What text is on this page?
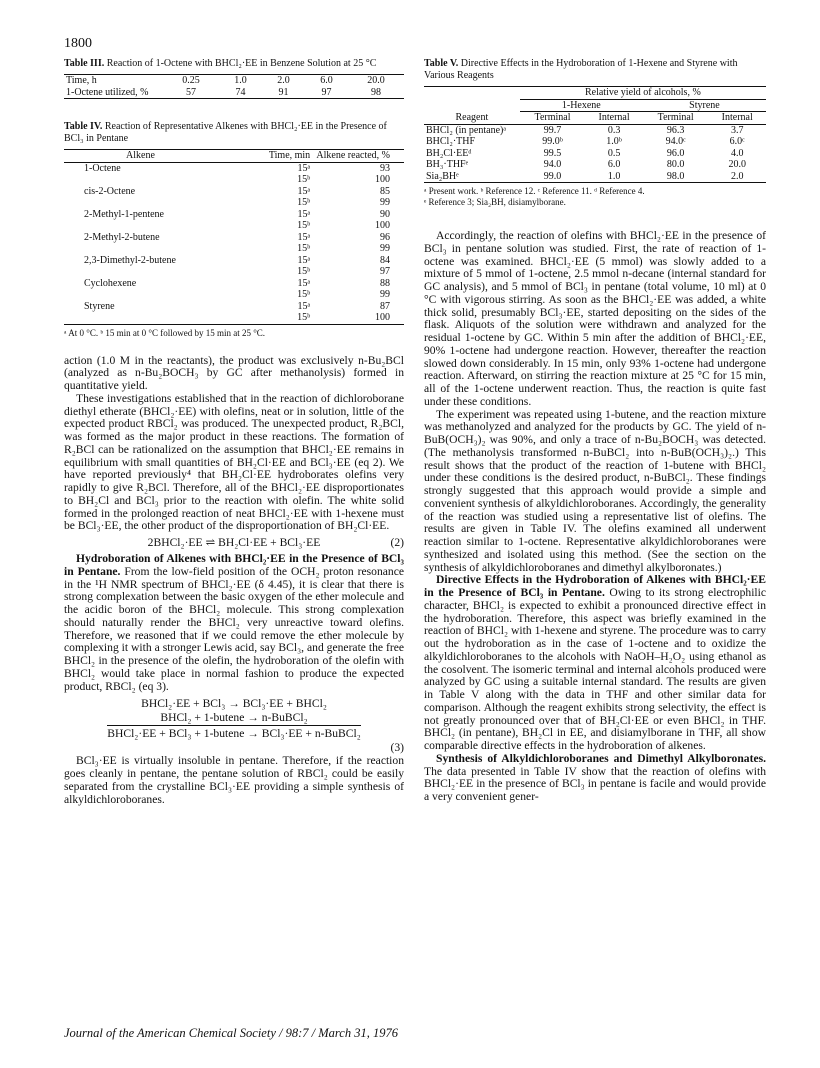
1800
Table III. Reaction of 1-Octene with BHCl₂·EE in Benzene Solution at 25 °C
Time, h	0.25	1.0	2.0	6.0	20.0
1-Octene utilized, %	57	74	91	97	98
Table IV. Reaction of Representative Alkenes with BHCl₂·EE in the Presence of BCl₃ in Pentane
Alkene	Time, min	Alkene reacted, %
1-Octene	15ᵃ	93
	15ᵇ	100
cis-2-Octene	15ᵃ	85
	15ᵇ	99
2-Methyl-1-pentene	15ᵃ	90
	15ᵇ	100
2-Methyl-2-butene	15ᵃ	96
	15ᵇ	99
2,3-Dimethyl-2-butene	15ᵃ	84
	15ᵇ	97
Cyclohexene	15ᵃ	88
	15ᵇ	99
Styrene	15ᵃ	87
	15ᵇ	100
ᵃ At 0 °C. ᵇ 15 min at 0 °C followed by 15 min at 25 °C.

action (1.0 M in the reactants), the product was exclusively n-Bu₂BCl (analyzed as n-Bu₂BOCH₃ by GC after methanolysis) formed in quantitative yield.

These investigations established that in the reaction of dichloroborane diethyl etherate (BHCl₂·EE) with olefins, neat or in solution, little of the expected product RBCl₂ was produced. The unexpected product, R₂BCl, was formed as the major product in these reactions. The formation of R₂BCl can be rationalized on the assumption that BHCl₂·EE remains in equilibrium with small quantities of BH₂Cl·EE and BCl₃·EE (eq 2). We have reported previously⁴ that BH₂Cl·EE hydroborates olefins very rapidly to give R₂BCl. Therefore, all of the BHCl₂·EE disproportionates to BH₂Cl and BCl₃ prior to the reaction with olefin. The white solid formed in the prolonged reaction of neat BHCl₂·EE with 1-hexene must be BCl₃·EE, the other product of the disproportionation of BH₂Cl·EE.

2BHCl₂·EE ⇌ BH₂Cl·EE + BCl₃·EE	(2)

Hydroboration of Alkenes with BHCl₂·EE in the Presence of BCl₃ in Pentane. From the low-field position of the OCH₂ proton resonance in the ¹H NMR spectrum of BHCl₂·EE (δ 4.45), it is clear that there is strong complexation between the basic oxygen of the ether molecule and the acidic boron of the BHCl₂ molecule. This strong complexation should naturally render the BHCl₂ very unreactive toward olefins. Therefore, we reasoned that if we could remove the ether molecule by complexing it with a stronger Lewis acid, say BCl₃, and generate the free BHCl₂ in the presence of the olefin, the hydroboration of the olefin with BHCl₂ would take place in normal fashion to produce the expected product, RBCl₂ (eq 3).

BHCl₂·EE + BCl₃ → BCl₃·EE + BHCl₂
BHCl₂ + 1-butene → n-BuBCl₂
BHCl₂·EE + BCl₃ + 1-butene → BCl₃·EE + n-BuBCl₂
(3)

BCl₃·EE is virtually insoluble in pentane. Therefore, if the reaction goes cleanly in pentane, the pentane solution of RBCl₂ could be easily separated from the crystalline BCl₃·EE providing a simple synthesis of alkyldichloroboranes.

Table V. Directive Effects in the Hydroboration of 1-Hexene and Styrene with Various Reagents
	Relative yield of alcohols, %			
	1-Hexene		Styrene	
Reagent	Terminal	Internal	Terminal	Internal
BHCl₂ (in pentane)ᵃ	99.7	0.3	96.3	3.7
BHCl₂·THF	99.0ᵇ	1.0ᵇ	94.0ᶜ	6.0ᶜ
BH₂Cl·EEᵈ	99.5	0.5	96.0	4.0
BH₃·THFᵉ	94.0	6.0	80.0	20.0
Sia₂BHᵉ	99.0	1.0	98.0	2.0
ᵃ Present work. ᵇ Reference 12. ᶜ Reference 11. ᵈ Reference 4.
ᵉ Reference 3; Sia₂BH, disiamylborane.

Accordingly, the reaction of olefins with BHCl₂·EE in the presence of BCl₃ in pentane solution was studied. First, the rate of reaction of 1-octene was examined. BHCl₂·EE (5 mmol) was slowly added to a mixture of 5 mmol of 1-octene, 2.5 mmol n-decane (internal standard for GC analysis), and 5 mmol of BCl₃ in pentane (total volume, 10 ml) at 0 °C with vigorous stirring. As soon as the BHCl₂·EE was added, a white thick solid, presumably BCl₃·EE, started depositing on the sides of the flask. Aliquots of the solution were withdrawn and analyzed for the residual 1-octene by GC. Within 5 min after the addition of BHCl₂·EE, 90% 1-octene had undergone reaction. However, thereafter the reaction slowed down considerably. In 15 min, only 93% 1-octene had undergone reaction. Afterward, on stirring the reaction mixture at 25 °C for 15 min, all of the 1-octene underwent reaction. Thus, the reaction is quite fast under these conditions.

The experiment was repeated using 1-butene, and the reaction mixture was methanolyzed and analyzed for the products by GC. The yield of n-BuB(OCH₃)₂ was 90%, and only a trace of n-Bu₂BOCH₃ was detected. (The methanolysis transformed n-BuBCl₂ into n-BuB(OCH₃)₂.) This result shows that the product of the reaction of 1-butene with BHCl₂ under these conditions is the desired product, n-BuBCl₂. These findings strongly suggested that this approach would provide a simple and convenient synthesis of alkyldichloroboranes. Accordingly, the generality of the reaction was studied using a representative list of olefins. The results are given in Table IV. The olefins examined all underwent reaction similar to 1-octene. Representative alkyldichloroboranes were synthesized and isolated using this method. (See the section on the synthesis of alkyldichloroboranes and dimethyl alkylboronates.)

Directive Effects in the Hydroboration of Alkenes with BHCl₂·EE in the Presence of BCl₃ in Pentane. Owing to its strong electrophilic character, BHCl₂ is expected to exhibit a pronounced directive effect in the hydroboration. Therefore, this aspect was briefly examined in the reaction of BHCl₂ with 1-hexene and styrene. The procedure was to carry out the hydroboration as in the case of 1-octene and to oxidize the alkyldichloroboranes to the alcohols with NaOH–H₂O₂ using ethanol as the cosolvent. The isomeric terminal and internal alcohols produced were analyzed by GC using a suitable internal standard. The results are given in Table V along with the data in THF and other similar data for comparison. Although the reagent exhibits strong selectivity, the effect is not greatly pronounced over that of BH₂Cl·EE or even BHCl₂ in THF. BHCl₂ (in pentane), BH₂Cl in EE, and disiamylborane in THF, all show comparable directive effects in the hydroboration of alkenes.

Synthesis of Alkyldichloroboranes and Dimethyl Alkylboronates. The data presented in Table IV show that the reaction of olefins with BHCl₂·EE in the presence of BCl₃ in pentane is facile and would provide a very convenient gener-

Journal of the American Chemical Society / 98:7 / March 31, 1976
